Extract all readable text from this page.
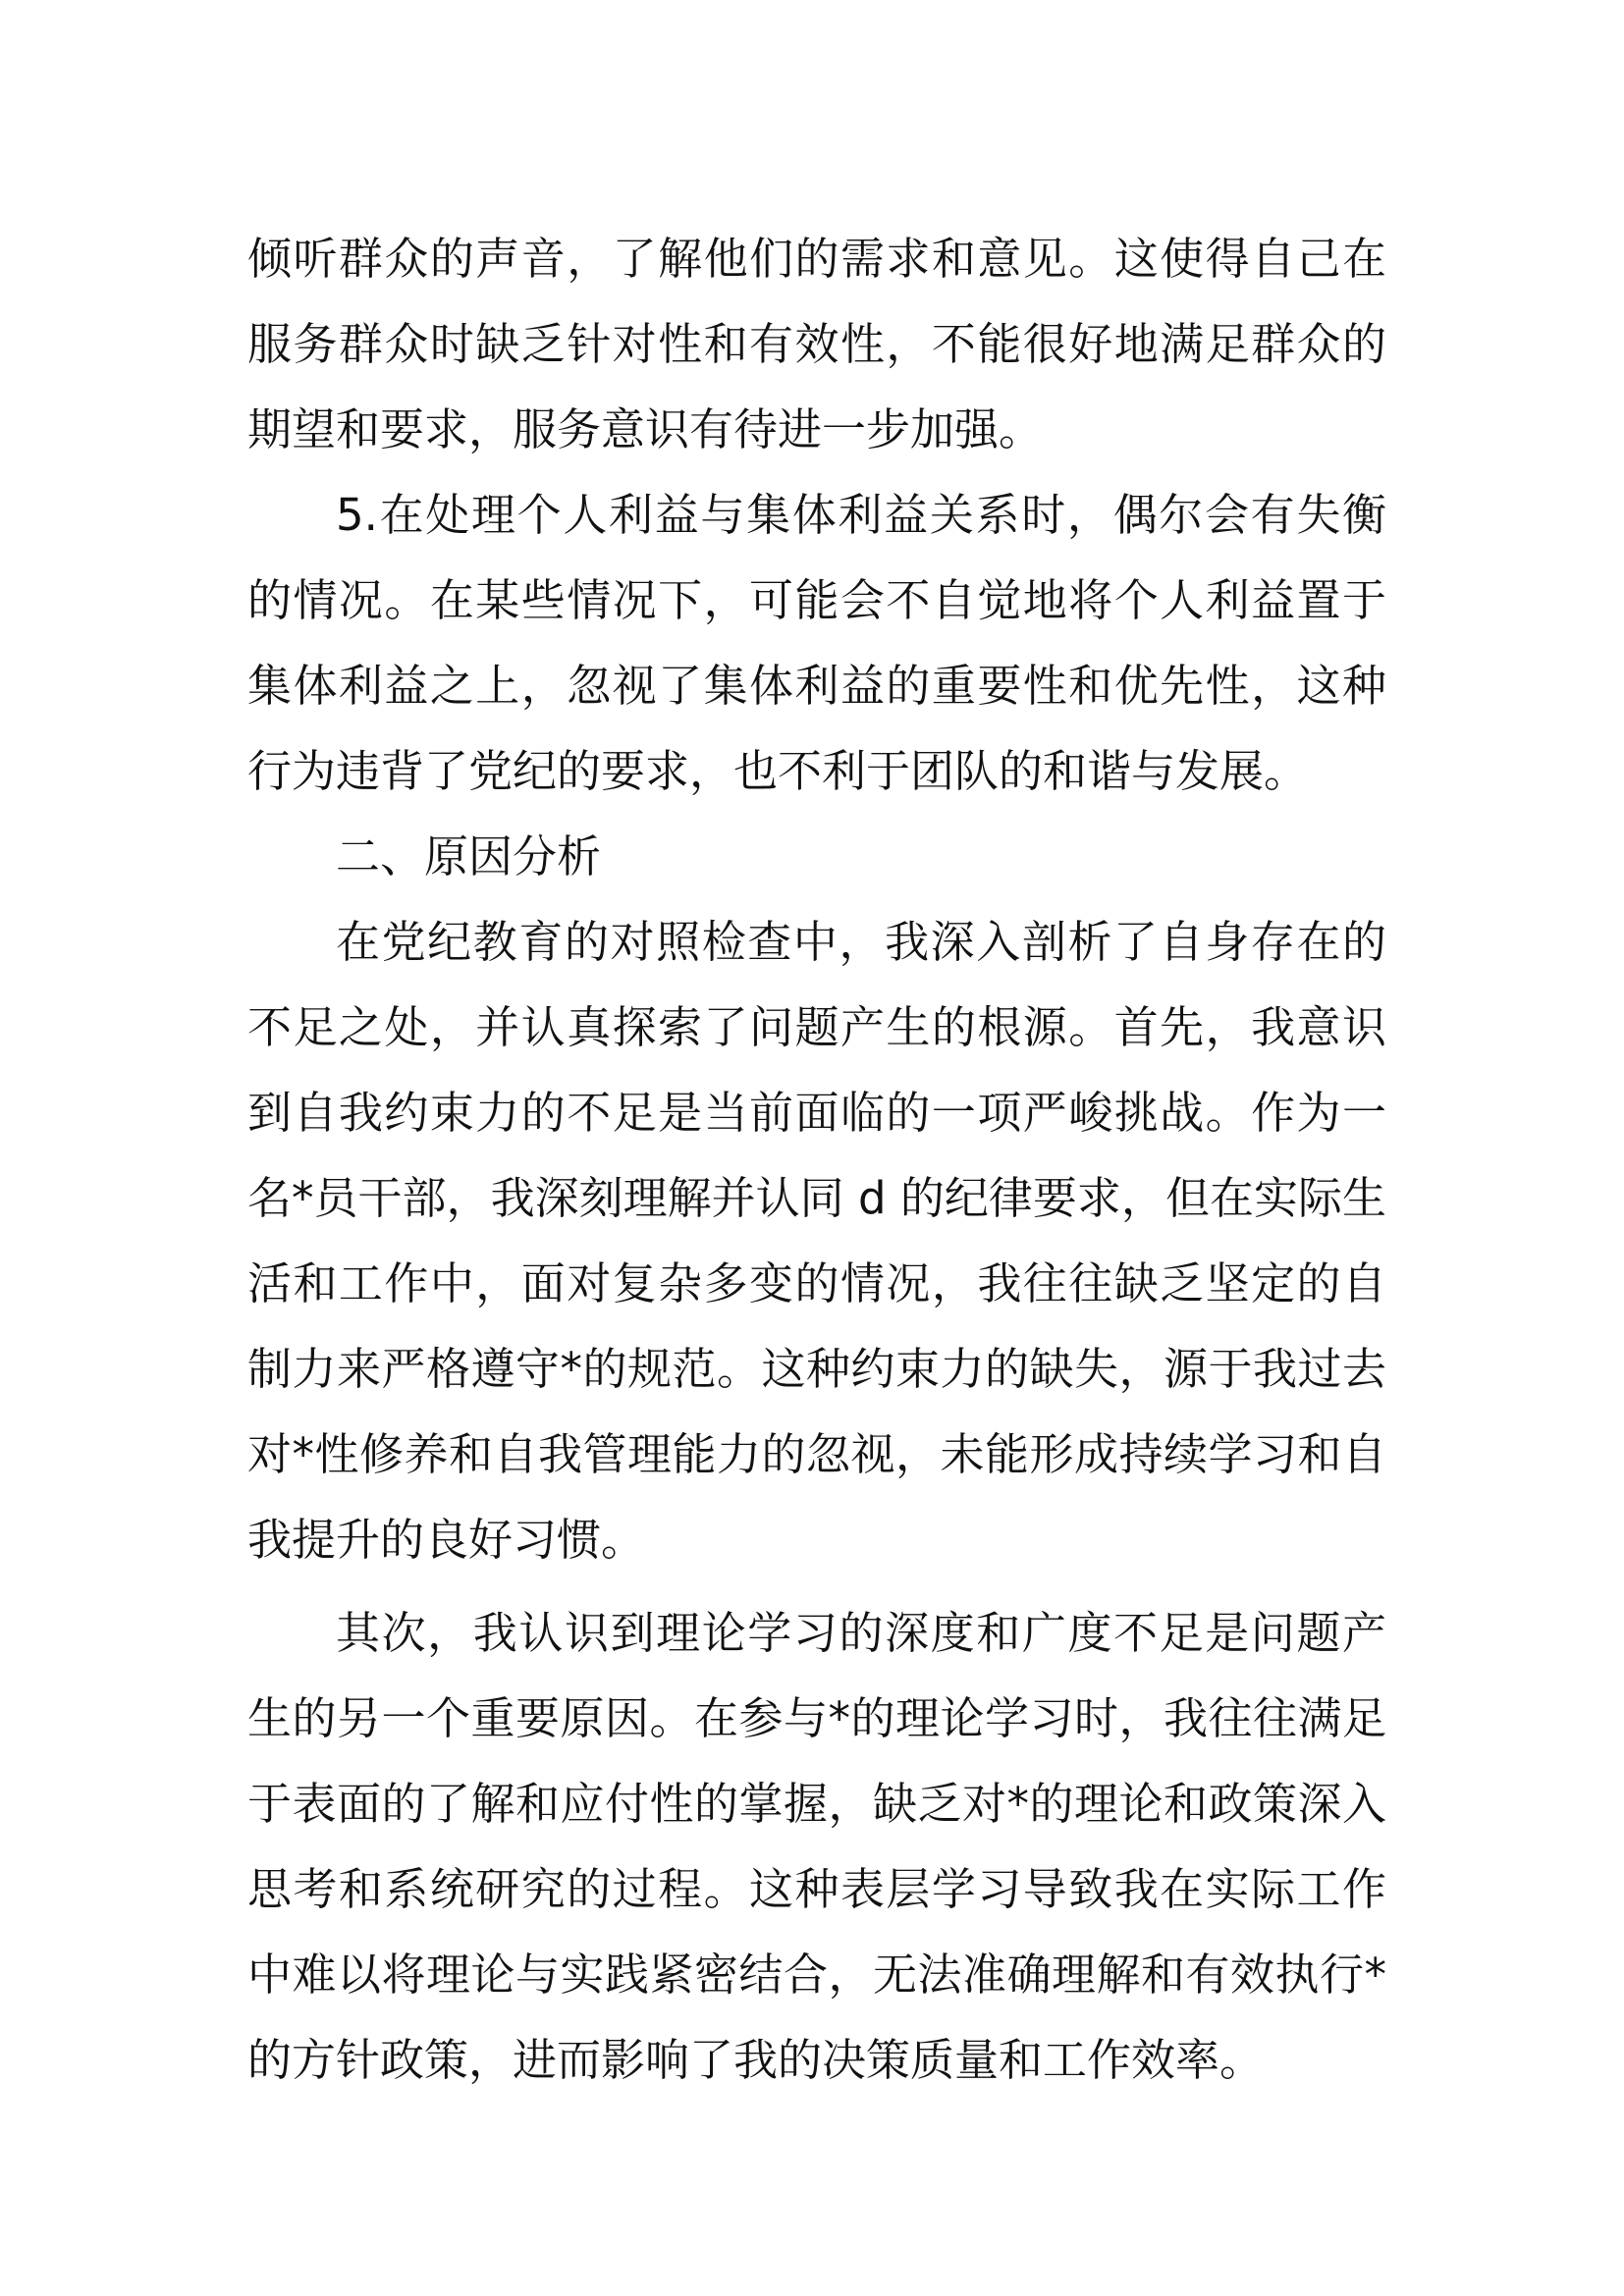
倾听群众的声音，了解他们的需求和意见。这使得自己在服务群众时缺乏针对性和有效性，不能很好地满足群众的期望和要求，服务意识有待进一步加强。

5.在处理个人利益与集体利益关系时，偶尔会有失衡的情况。在某些情况下，可能会不自觉地将个人利益置于集体利益之上，忽视了集体利益的重要性和优先性，这种行为违背了党纪的要求，也不利于团队的和谐与发展。

二、原因分析

在党纪教育的对照检查中，我深入剖析了自身存在的不足之处，并认真探索了问题产生的根源。首先，我意识到自我约束力的不足是当前面临的一项严峻挑战。作为一名*员干部，我深刻理解并认同 d 的纪律要求，但在实际生活和工作中，面对复杂多变的情况，我往往缺乏坚定的自制力来严格遵守*的规范。这种约束力的缺失，源于我过去对*性修养和自我管理能力的忽视，未能形成持续学习和自我提升的良好习惯。

其次，我认识到理论学习的深度和广度不足是问题产生的另一个重要原因。在参与*的理论学习时，我往往满足于表面的了解和应付性的掌握，缺乏对*的理论和政策深入思考和系统研究的过程。这种表层学习导致我在实际工作中难以将理论与实践紧密结合，无法准确理解和有效执行*的方针政策，进而影响了我的决策质量和工作效率。
